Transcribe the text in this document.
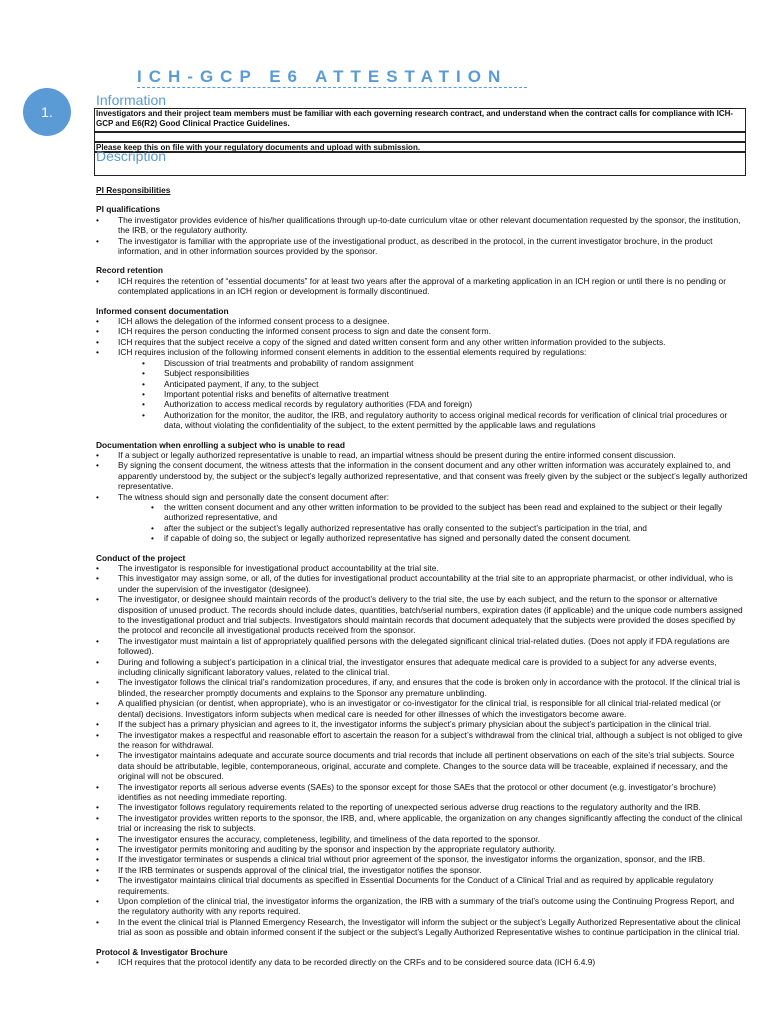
ICH-GCP E6 ATTESTATION
1.
Information
Investigators and their project team members must be familiar with each governing research contract, and understand when the contract calls for compliance with ICH-GCP and E6(R2) Good Clinical Practice Guidelines.
Please keep this on file with your regulatory documents and upload with submission.
Description

PI Responsibilities

PI qualifications

• The investigator provides evidence of his/her qualifications through up-to-date curriculum vitae or other relevant documentation requested by the sponsor, the institution, the IRB, or the regulatory authority.
• The investigator is familiar with the appropriate use of the investigational product, as described in the protocol, in the current investigator brochure, in the product information, and in other information sources provided by the sponsor.

Record retention

• ICH requires the retention of “essential documents” for at least two years after the approval of a marketing application in an ICH region or until there is no pending or contemplated applications in an ICH region or development is formally discontinued.

Informed consent documentation

• ICH allows the delegation of the informed consent process to a designee.
• ICH requires the person conducting the informed consent process to sign and date the consent form.
• ICH requires that the subject receive a copy of the signed and dated written consent form and any other written information provided to the subjects.
• ICH requires inclusion of the following informed consent elements in addition to the essential elements required by regulations:
• Discussion of trial treatments and probability of random assignment
• Subject responsibilities
• Anticipated payment, if any, to the subject
• Important potential risks and benefits of alternative treatment
• Authorization to access medical records by regulatory authorities (FDA and foreign)
• Authorization for the monitor, the auditor, the IRB, and regulatory authority to access original medical records for verification of clinical trial procedures or data, without violating the confidentiality of the subject, to the extent permitted by the applicable laws and regulations

Documentation when enrolling a subject who is unable to read

• If a subject or legally authorized representative is unable to read, an impartial witness should be present during the entire informed consent discussion.
• By signing the consent document, the witness attests that the information in the consent document and any other written information was accurately explained to, and apparently understood by, the subject or the subject’s legally authorized representative, and that consent was freely given by the subject or the subject’s legally authorized representative.
• The witness should sign and personally date the consent document after:
• the written consent document and any other written information to be provided to the subject has been read and explained to the subject or their legally authorized representative, and
• after the subject or the subject’s legally authorized representative has orally consented to the subject’s participation in the trial, and
• if capable of doing so, the subject or legally authorized representative has signed and personally dated the consent document.

Conduct of the project

• The investigator is responsible for investigational product accountability at the trial site.
• This investigator may assign some, or all, of the duties for investigational product accountability at the trial site to an appropriate pharmacist, or other individual, who is under the supervision of the investigator (designee).
• The investigator, or designee should maintain records of the product’s delivery to the trial site, the use by each subject, and the return to the sponsor or alternative disposition of unused product. The records should include dates, quantities, batch/serial numbers, expiration dates (if applicable) and the unique code numbers assigned to the investigational product and trial subjects. Investigators should maintain records that document adequately that the subjects were provided the doses specified by the protocol and reconcile all investigational products received from the sponsor.
• The investigator must maintain a list of appropriately qualified persons with the delegated significant clinical trial-related duties. (Does not apply if FDA regulations are followed).
• During and following a subject’s participation in a clinical trial, the investigator ensures that adequate medical care is provided to a subject for any adverse events, including clinically significant laboratory values, related to the clinical trial.
• The investigator follows the clinical trial’s randomization procedures, if any, and ensures that the code is broken only in accordance with the protocol. If the clinical trial is blinded, the researcher promptly documents and explains to the Sponsor any premature unblinding.
• A qualified physician (or dentist, when appropriate), who is an investigator or co-investigator for the clinical trial, is responsible for all clinical trial-related medical (or dental) decisions. Investigators inform subjects when medical care is needed for other illnesses of which the investigators become aware.
• If the subject has a primary physician and agrees to it, the investigator informs the subject’s primary physician about the subject’s participation in the clinical trial.
• The investigator makes a respectful and reasonable effort to ascertain the reason for a subject’s withdrawal from the clinical trial, although a subject is not obliged to give the reason for withdrawal.
• The investigator maintains adequate and accurate source documents and trial records that include all pertinent observations on each of the site’s trial subjects. Source data should be attributable, legible, contemporaneous, original, accurate and complete. Changes to the source data will be traceable, explained if necessary, and the original will not be obscured.
• The investigator reports all serious adverse events (SAEs) to the sponsor except for those SAEs that the protocol or other document (e.g. investigator’s brochure) identifies as not needing immediate reporting.
• The investigator follows regulatory requirements related to the reporting of unexpected serious adverse drug reactions to the regulatory authority and the IRB.
• The investigator provides written reports to the sponsor, the IRB, and, where applicable, the organization on any changes significantly affecting the conduct of the clinical trial or increasing the risk to subjects.
• The investigator ensures the accuracy, completeness, legibility, and timeliness of the data reported to the sponsor.
• The investigator permits monitoring and auditing by the sponsor and inspection by the appropriate regulatory authority.
• If the investigator terminates or suspends a clinical trial without prior agreement of the sponsor, the investigator informs the organization, sponsor, and the IRB.
• If the IRB terminates or suspends approval of the clinical trial, the investigator notifies the sponsor.
• The investigator maintains clinical trial documents as specified in Essential Documents for the Conduct of a Clinical Trial and as required by applicable regulatory requirements.
• Upon completion of the clinical trial, the investigator informs the organization, the IRB with a summary of the trial’s outcome using the Continuing Progress Report, and the regulatory authority with any reports required.
• In the event the clinical trial is Planned Emergency Research, the Investigator will inform the subject or the subject’s Legally Authorized Representative about the clinical trial as soon as possible and obtain informed consent if the subject or the subject’s Legally Authorized Representative wishes to continue participation in the clinical trial.

Protocol & Investigator Brochure

• ICH requires that the protocol identify any data to be recorded directly on the CRFs and to be considered source data (ICH 6.4.9)
